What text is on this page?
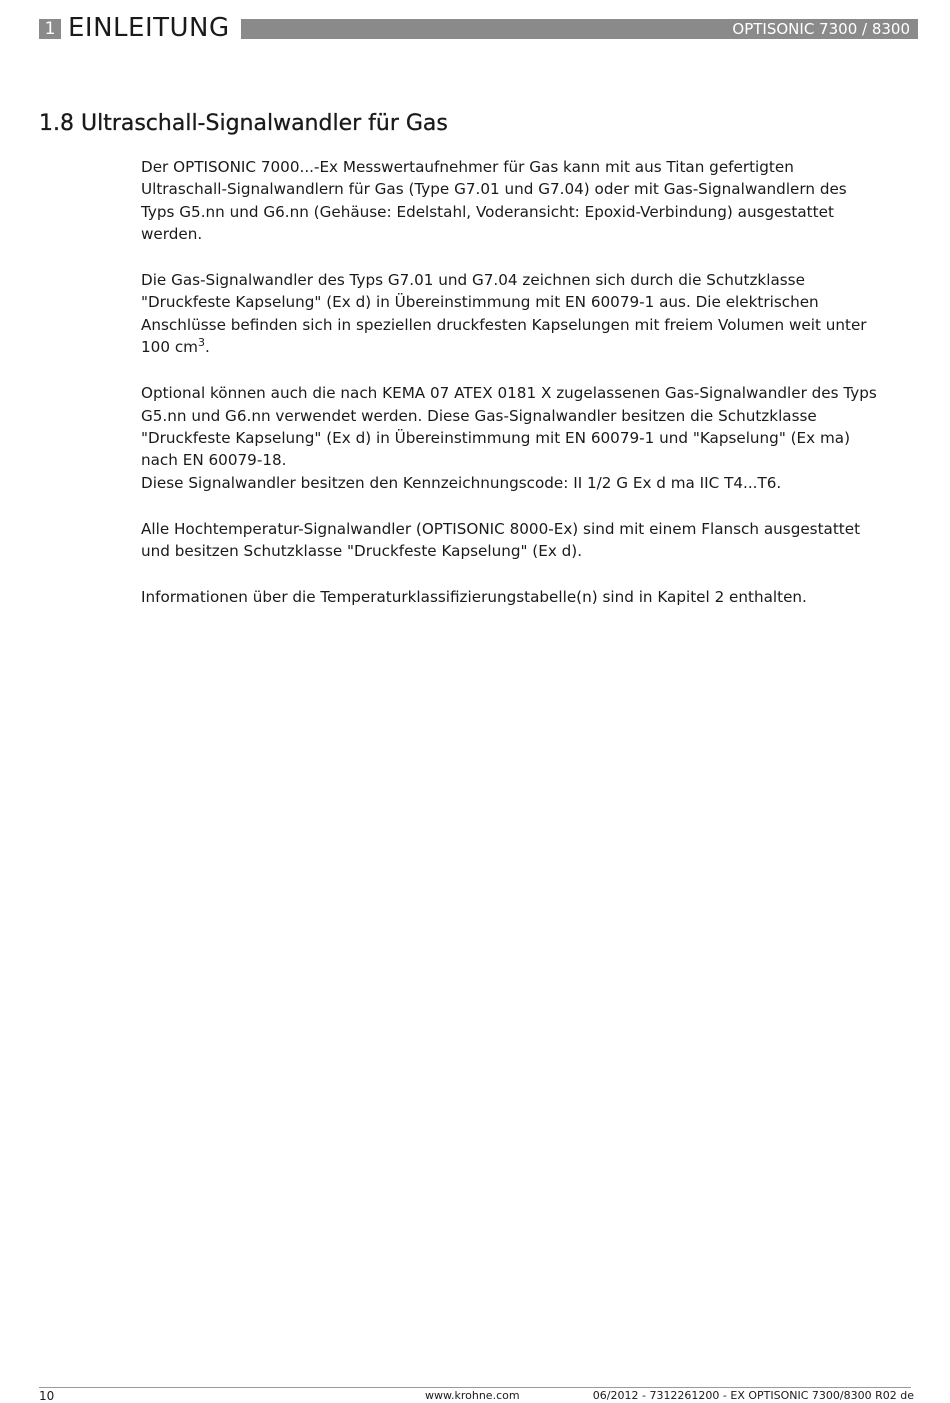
1 EINLEITUNG	OPTISONIC 7300 / 8300
1.8 Ultraschall-Signalwandler für Gas

Der OPTISONIC 7000...-Ex Messwertaufnehmer für Gas kann mit aus Titan gefertigten
Ultraschall-Signalwandlern für Gas (Type G7.01 und G7.04) oder mit Gas-Signalwandlern des
Typs G5.nn und G6.nn (Gehäuse: Edelstahl, Voderansicht: Epoxid-Verbindung) ausgestattet
werden.

Die Gas-Signalwandler des Typs G7.01 und G7.04 zeichnen sich durch die Schutzklasse
"Druckfeste Kapselung" (Ex d) in Übereinstimmung mit EN 60079-1 aus. Die elektrischen
Anschlüsse befinden sich in speziellen druckfesten Kapselungen mit freiem Volumen weit unter
100 $cm^3$.

Optional können auch die nach KEMA 07 ATEX 0181 X zugelassenen Gas-Signalwandler des Typs
G5.nn und G6.nn verwendet werden. Diese Gas-Signalwandler besitzen die Schutzklasse
"Druckfeste Kapselung" (Ex d) in Übereinstimmung mit EN 60079-1 und "Kapselung" (Ex ma)
nach EN 60079-18.
Diese Signalwandler besitzen den Kennzeichnungscode: II 1/2 G Ex d ma IIC T4...T6.

Alle Hochtemperatur-Signalwandler (OPTISONIC 8000-Ex) sind mit einem Flansch ausgestattet
und besitzen Schutzklasse "Druckfeste Kapselung" (Ex d).

Informationen über die Temperaturklassifizierungstabelle(n) sind in Kapitel 2 enthalten.

10	www.krohne.com	06/2012 - 7312261200 - EX OPTISONIC 7300/8300 R02 de
